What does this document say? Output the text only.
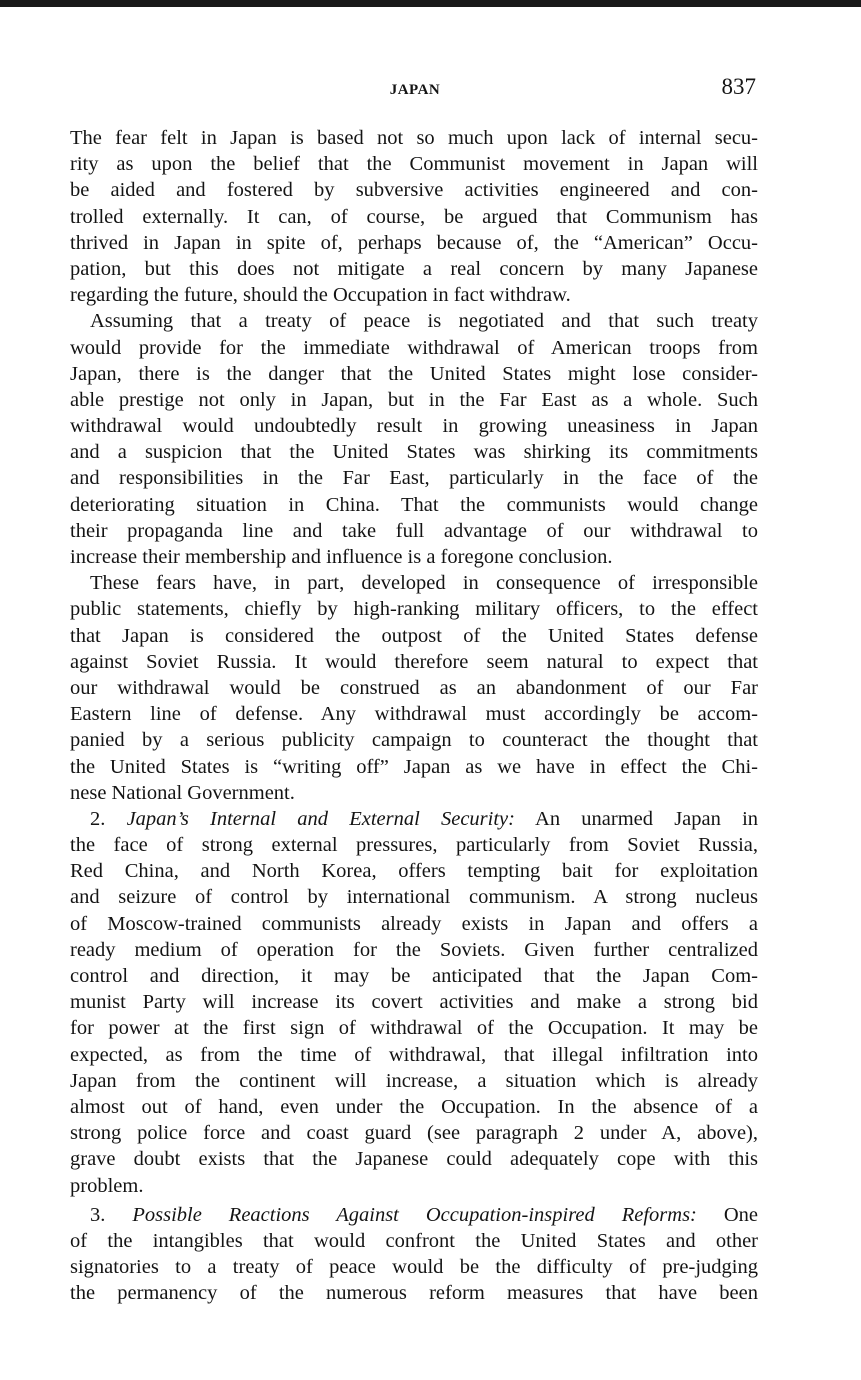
JAPAN	837
The fear felt in Japan is based not so much upon lack of internal secu-
rity as upon the belief that the Communist movement in Japan will
be aided and fostered by subversive activities engineered and con-
trolled externally. It can, of course, be argued that Communism has
thrived in Japan in spite of, perhaps because of, the “American” Occu-
pation, but this does not mitigate a real concern by many Japanese
regarding the future, should the Occupation in fact withdraw.
Assuming that a treaty of peace is negotiated and that such treaty
would provide for the immediate withdrawal of American troops from
Japan, there is the danger that the United States might lose consider-
able prestige not only in Japan, but in the Far East as a whole. Such
withdrawal would undoubtedly result in growing uneasiness in Japan
and a suspicion that the United States was shirking its commitments
and responsibilities in the Far East, particularly in the face of the
deteriorating situation in China. That the communists would change
their propaganda line and take full advantage of our withdrawal to
increase their membership and influence is a foregone conclusion.
These fears have, in part, developed in consequence of irresponsible
public statements, chiefly by high-ranking military officers, to the effect
that Japan is considered the outpost of the United States defense
against Soviet Russia. It would therefore seem natural to expect that
our withdrawal would be construed as an abandonment of our Far
Eastern line of defense. Any withdrawal must accordingly be accom-
panied by a serious publicity campaign to counteract the thought that
the United States is “writing off” Japan as we have in effect the Chi-
nese National Government.
2. Japan’s Internal and External Security: An unarmed Japan in
the face of strong external pressures, particularly from Soviet Russia,
Red China, and North Korea, offers tempting bait for exploitation
and seizure of control by international communism. A strong nucleus
of Moscow-trained communists already exists in Japan and offers a
ready medium of operation for the Soviets. Given further centralized
control and direction, it may be anticipated that the Japan Com-
munist Party will increase its covert activities and make a strong bid
for power at the first sign of withdrawal of the Occupation. It may be
expected, as from the time of withdrawal, that illegal infiltration into
Japan from the continent will increase, a situation which is already
almost out of hand, even under the Occupation. In the absence of a
strong police force and coast guard (see paragraph 2 under A, above),
grave doubt exists that the Japanese could adequately cope with this
problem.
3. Possible Reactions Against Occupation-inspired Reforms: One
of the intangibles that would confront the United States and other
signatories to a treaty of peace would be the difficulty of pre-judging
the permanency of the numerous reform measures that have been
